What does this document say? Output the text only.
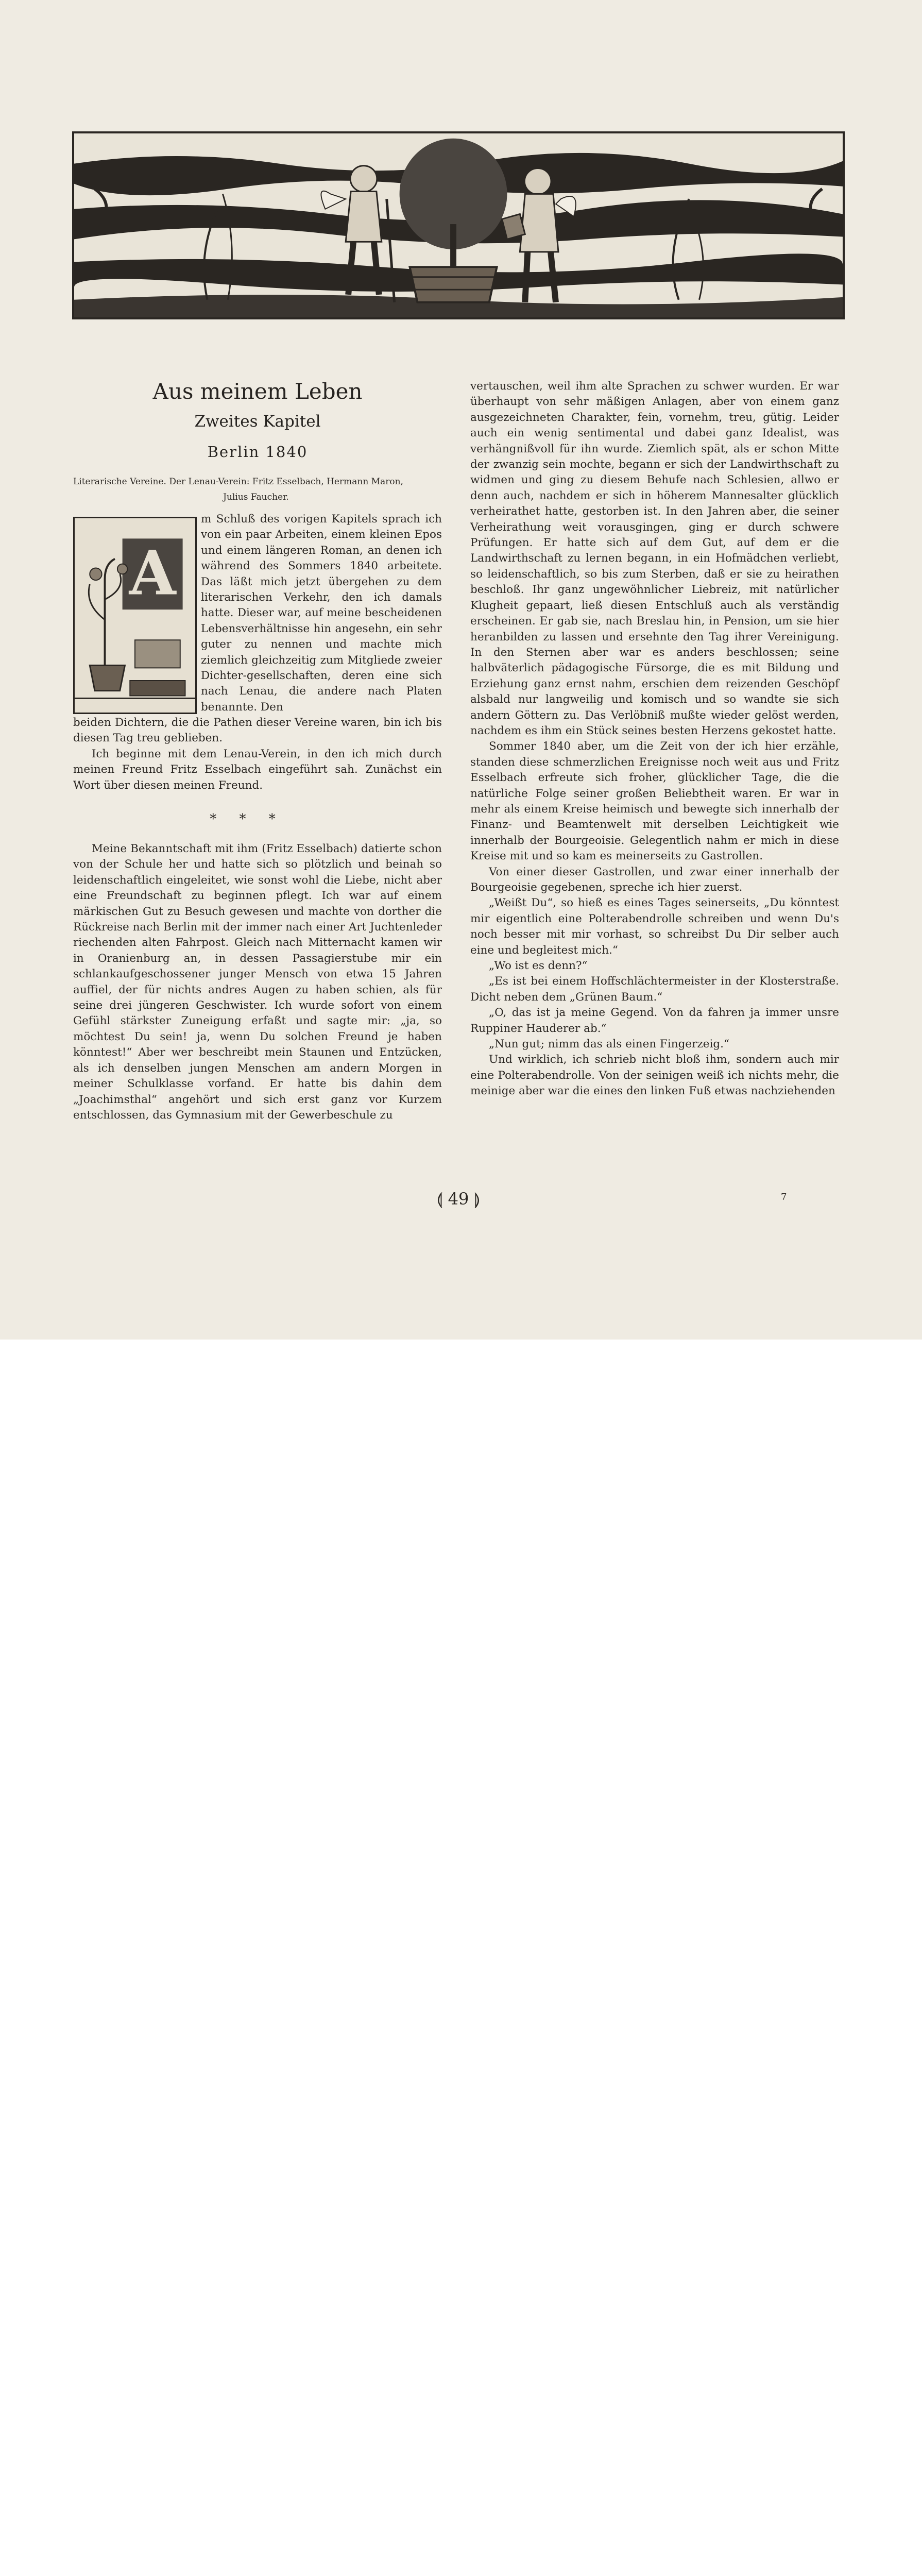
Aus meinem Leben
Zweites Kapitel
Berlin 1840
Literarische Vereine. Der Lenau-Verein: Fritz Esselbach, Hermann Maron,
Julius Faucher.
A

m Schluß des vorigen Kapitels sprach ich von ein paar Arbeiten, einem kleinen Epos und einem längeren Roman, an denen ich während des Sommers 1840 arbeitete. Das läßt mich jetzt übergehen zu dem literarischen Verkehr, den ich damals hatte. Dieser war, auf meine bescheidenen Lebensverhältnisse hin angesehn, ein sehr guter zu nennen und machte mich ziemlich gleichzeitig zum Mitgliede zweier Dichter-gesellschaften, deren eine sich nach Lenau, die andere nach Platen benannte. Den

beiden Dichtern, die die Pathen dieser Vereine waren, bin ich bis diesen Tag treu geblieben.

Ich beginne mit dem Lenau-Verein, in den ich mich durch meinen Freund Fritz Esselbach eingeführt sah. Zunächst ein Wort über diesen meinen Freund.

* * *

Meine Bekanntschaft mit ihm (Fritz Esselbach) datierte schon von der Schule her und hatte sich so plötzlich und beinah so leidenschaftlich eingeleitet, wie sonst wohl die Liebe, nicht aber eine Freundschaft zu beginnen pflegt. Ich war auf einem märkischen Gut zu Besuch gewesen und machte von dorther die Rückreise nach Berlin mit der immer nach einer Art Juchtenleder riechenden alten Fahrpost. Gleich nach Mitternacht kamen wir in Oranienburg an, in dessen Passagierstube mir ein schlankaufgeschossener junger Mensch von etwa 15 Jahren auffiel, der für nichts andres Augen zu haben schien, als für seine drei jüngeren Geschwister. Ich wurde sofort von einem Gefühl stärkster Zuneigung erfaßt und sagte mir: „ja, so möchtest Du sein! ja, wenn Du solchen Freund je haben könntest!“ Aber wer beschreibt mein Staunen und Entzücken, als ich denselben jungen Menschen am andern Morgen in meiner Schulklasse vorfand. Er hatte bis dahin dem „Joachimsthal“ angehört und sich erst ganz vor Kurzem entschlossen, das Gymnasium mit der Gewerbeschule zu

vertauschen, weil ihm alte Sprachen zu schwer wurden. Er war überhaupt von sehr mäßigen Anlagen, aber von einem ganz ausgezeichneten Charakter, fein, vornehm, treu, gütig. Leider auch ein wenig sentimental und dabei ganz Idealist, was verhängnißvoll für ihn wurde. Ziemlich spät, als er schon Mitte der zwanzig sein mochte, begann er sich der Landwirthschaft zu widmen und ging zu diesem Behufe nach Schlesien, allwo er denn auch, nachdem er sich in höherem Mannesalter glücklich verheirathet hatte, gestorben ist. In den Jahren aber, die seiner Verheirathung weit vorausgingen, ging er durch schwere Prüfungen. Er hatte sich auf dem Gut, auf dem er die Landwirthschaft zu lernen begann, in ein Hofmädchen verliebt, so leidenschaftlich, so bis zum Sterben, daß er sie zu heirathen beschloß. Ihr ganz ungewöhnlicher Liebreiz, mit natürlicher Klugheit gepaart, ließ diesen Entschluß auch als verständig erscheinen. Er gab sie, nach Breslau hin, in Pension, um sie hier heranbilden zu lassen und ersehnte den Tag ihrer Vereinigung. In den Sternen aber war es anders beschlossen; seine halbväterlich pädagogische Fürsorge, die es mit Bildung und Erziehung ganz ernst nahm, erschien dem reizenden Geschöpf alsbald nur langweilig und komisch und so wandte sie sich andern Göttern zu. Das Verlöbniß mußte wieder gelöst werden, nachdem es ihm ein Stück seines besten Herzens gekostet hatte.

Sommer 1840 aber, um die Zeit von der ich hier erzähle, standen diese schmerzlichen Ereignisse noch weit aus und Fritz Esselbach erfreute sich froher, glücklicher Tage, die die natürliche Folge seiner großen Beliebtheit waren. Er war in mehr als einem Kreise heimisch und bewegte sich innerhalb der Finanz- und Beamtenwelt mit derselben Leichtigkeit wie innerhalb der Bourgeoisie. Gelegentlich nahm er mich in diese Kreise mit und so kam es meinerseits zu Gastrollen.

Von einer dieser Gastrollen, und zwar einer innerhalb der Bourgeoisie gegebenen, spreche ich hier zuerst.

„Weißt Du“, so hieß es eines Tages seinerseits, „Du könntest mir eigentlich eine Polterabendrolle schreiben und wenn Du's noch besser mit mir vorhast, so schreibst Du Dir selber auch eine und begleitest mich.“

„Wo ist es denn?“

„Es ist bei einem Hoffschlächtermeister in der Klosterstraße. Dicht neben dem „Grünen Baum.“

„O, das ist ja meine Gegend. Von da fahren ja immer unsre Ruppiner Hauderer ab.“

„Nun gut; nimm das als einen Fingerzeig.“

Und wirklich, ich schrieb nicht bloß ihm, sondern auch mir eine Polterabendrolle. Von der seinigen weiß ich nichts mehr, die meinige aber war die eines den linken Fuß etwas nachziehenden

⟬ 49 ⟭	7
